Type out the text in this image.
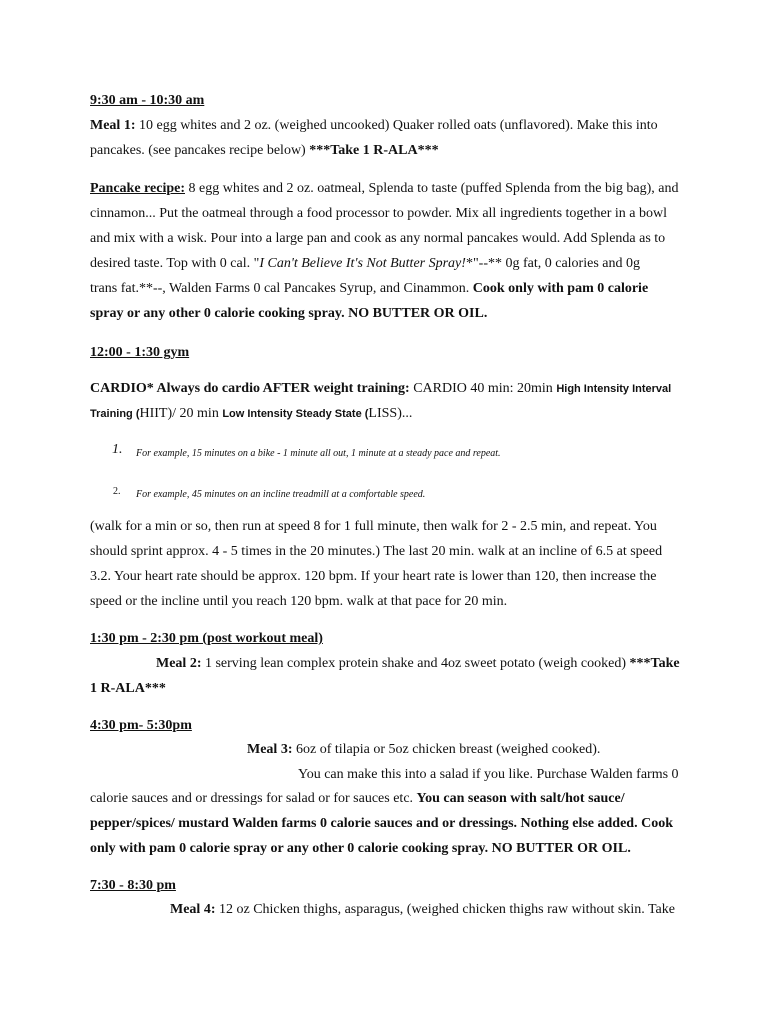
9:30 am - 10:30 am
Meal 1: 10 egg whites and 2 oz. (weighed uncooked) Quaker rolled oats (unflavored). Make this into
pancakes. (see pancakes recipe below) ***Take 1 R-ALA***
Pancake recipe: 8 egg whites and 2 oz. oatmeal, Splenda to taste (puffed Splenda from the big bag), and
cinnamon... Put the oatmeal through a food processor to powder. Mix all ingredients together in a bowl
and mix with a wisk. Pour into a large pan and cook as any normal pancakes would. Add Splenda as to
desired taste. Top with 0 cal. "I Can't Believe It's Not Butter Spray!*"--** 0g fat, 0 calories and 0g
trans fat.**--, Walden Farms 0 cal Pancakes Syrup, and Cinammon. Cook only with pam 0 calorie
spray or any other 0 calorie cooking spray. NO BUTTER OR OIL.
12:00 - 1:30 gym
CARDIO* Always do cardio AFTER weight training: CARDIO 40 min: 20min High Intensity Interval
Training (HIIT)/ 20 min Low Intensity Steady State (LISS)...
1. For example, 15 minutes on a bike - 1 minute all out, 1 minute at a steady pace and repeat.
2. For example, 45 minutes on an incline treadmill at a comfortable speed.
(walk for a min or so, then run at speed 8 for 1 full minute, then walk for 2 - 2.5 min, and repeat. You
should sprint approx. 4 - 5 times in the 20 minutes.) The last 20 min. walk at an incline of 6.5 at speed
3.2. Your heart rate should be approx. 120 bpm. If your heart rate is lower than 120, then increase the
speed or the incline until you reach 120 bpm. walk at that pace for 20 min.
1:30 pm - 2:30 pm (post workout meal)
Meal 2: 1 serving lean complex protein shake and 4oz sweet potato (weigh cooked) ***Take
1 R-ALA***
4:30 pm- 5:30pm
Meal 3: 6oz of tilapia or 5oz chicken breast (weighed cooked).
You can make this into a salad if you like. Purchase Walden farms 0
calorie sauces and or dressings for salad or for sauces etc. You can season with salt/hot sauce/
pepper/spices/ mustard Walden farms 0 calorie sauces and or dressings. Nothing else added. Cook
only with pam 0 calorie spray or any other 0 calorie cooking spray. NO BUTTER OR OIL.
7:30 - 8:30 pm
Meal 4: 12 oz Chicken thighs, asparagus, (weighed chicken thighs raw without skin. Take
